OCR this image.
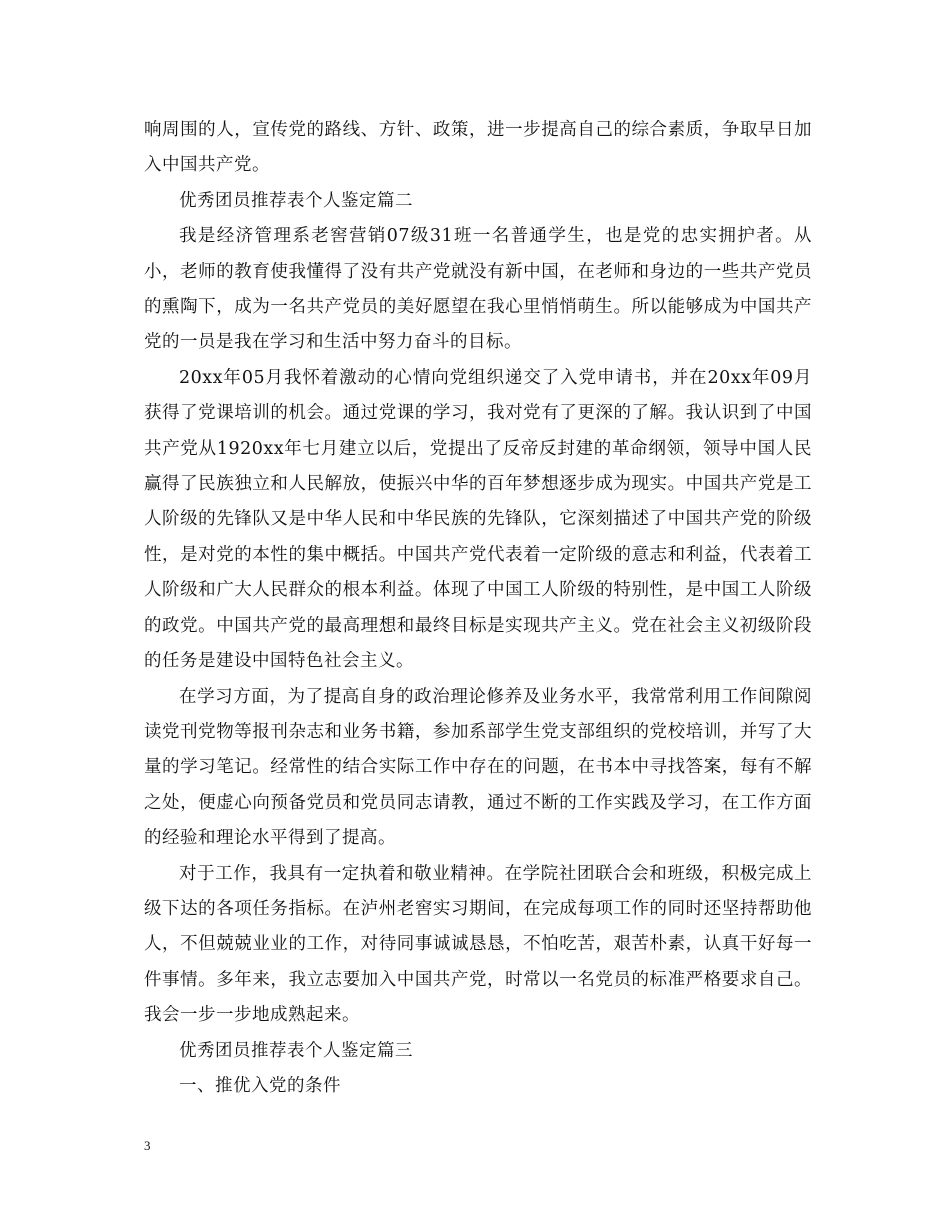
响周围的人，宣传党的路线、方针、政策，进一步提高自己的综合素质，争取早日加入中国共产党。

优秀团员推荐表个人鉴定篇二

我是经济管理系老窖营销07级31班一名普通学生，也是党的忠实拥护者。从小，老师的教育使我懂得了没有共产党就没有新中国，在老师和身边的一些共产党员的熏陶下，成为一名共产党员的美好愿望在我心里悄悄萌生。所以能够成为中国共产党的一员是我在学习和生活中努力奋斗的目标。

20xx年05月我怀着激动的心情向党组织递交了入党申请书，并在20xx年09月获得了党课培训的机会。通过党课的学习，我对党有了更深的了解。我认识到了中国共产党从1920xx年七月建立以后，党提出了反帝反封建的革命纲领，领导中国人民赢得了民族独立和人民解放，使振兴中华的百年梦想逐步成为现实。中国共产党是工人阶级的先锋队又是中华人民和中华民族的先锋队，它深刻描述了中国共产党的阶级性，是对党的本性的集中概括。中国共产党代表着一定阶级的意志和利益，代表着工人阶级和广大人民群众的根本利益。体现了中国工人阶级的特别性，是中国工人阶级的政党。中国共产党的最高理想和最终目标是实现共产主义。党在社会主义初级阶段的任务是建设中国特色社会主义。

在学习方面，为了提高自身的政治理论修养及业务水平，我常常利用工作间隙阅读党刊党物等报刊杂志和业务书籍，参加系部学生党支部组织的党校培训，并写了大量的学习笔记。经常性的结合实际工作中存在的问题，在书本中寻找答案，每有不解之处，便虚心向预备党员和党员同志请教，通过不断的工作实践及学习，在工作方面的经验和理论水平得到了提高。

对于工作，我具有一定执着和敬业精神。在学院社团联合会和班级，积极完成上级下达的各项任务指标。在泸州老窖实习期间，在完成每项工作的同时还坚持帮助他人，不但兢兢业业的工作，对待同事诚诚恳恳，不怕吃苦，艰苦朴素，认真干好每一件事情。多年来，我立志要加入中国共产党，时常以一名党员的标准严格要求自己。我会一步一步地成熟起来。

优秀团员推荐表个人鉴定篇三

一、推优入党的条件

3
